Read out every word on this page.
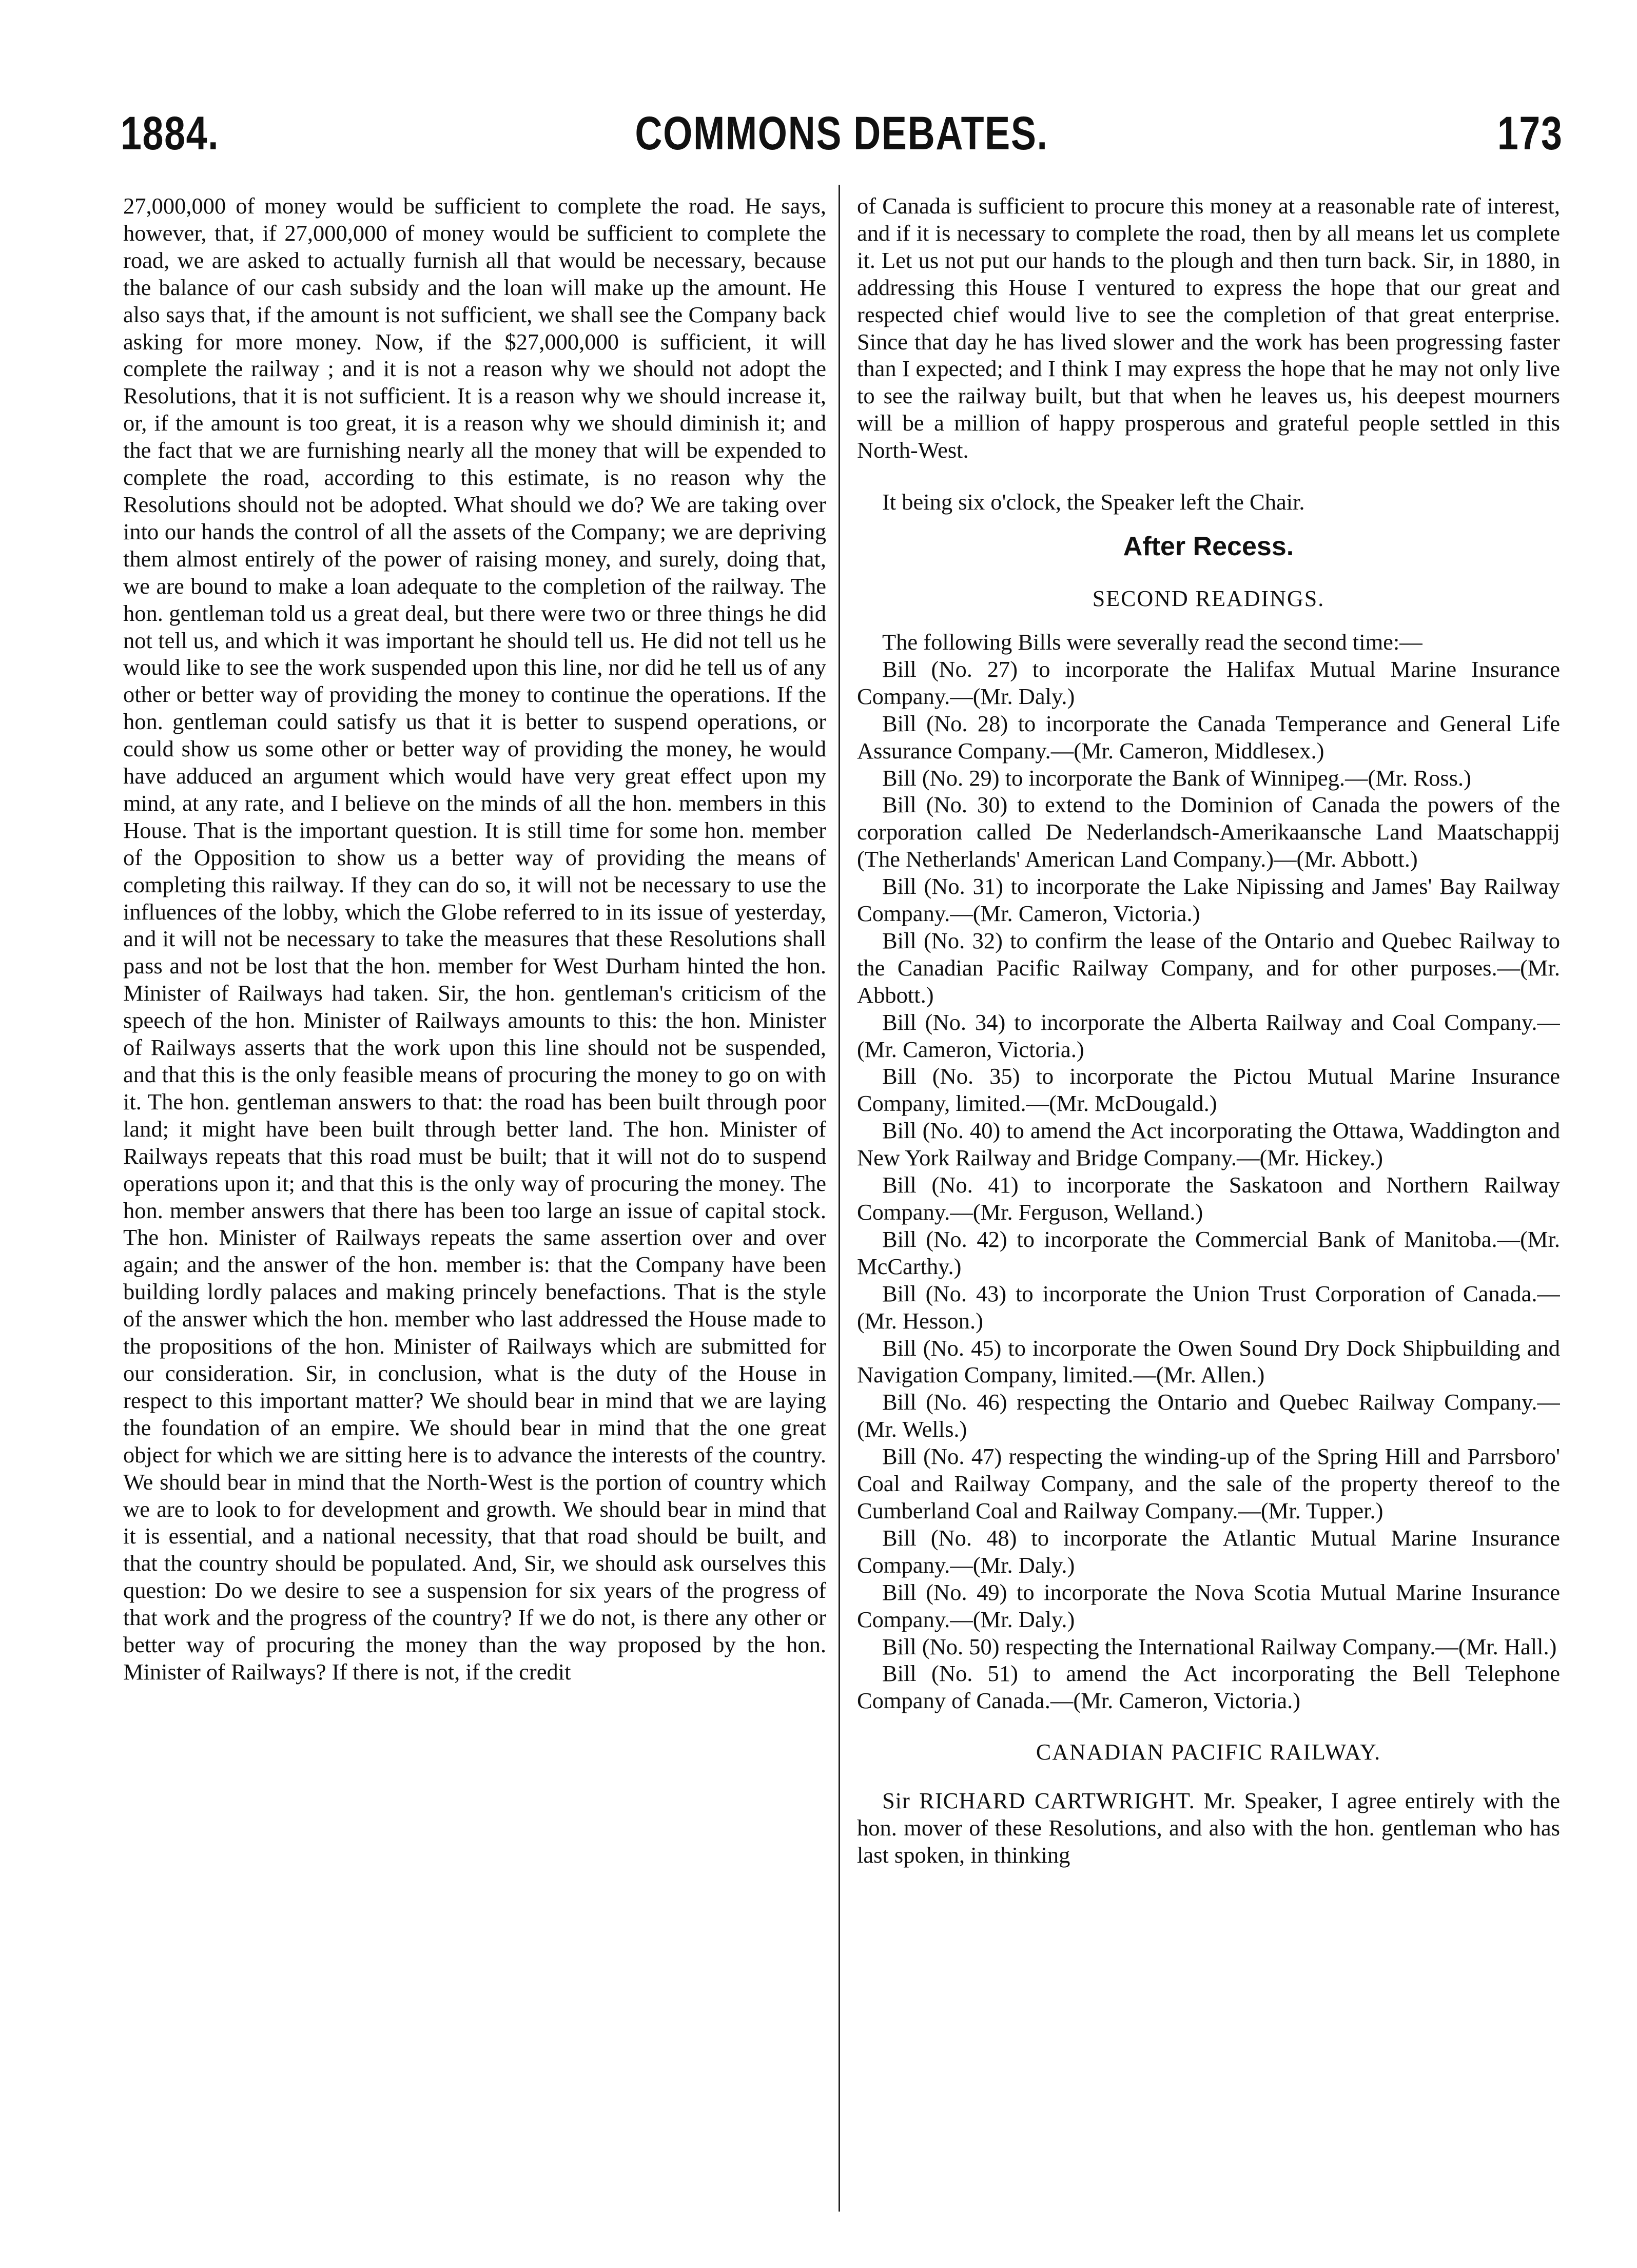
1884.	COMMONS DEBATES.	173

27,000,000 of money would be sufficient to complete the road. He says, however, that, if 27,000,000 of money would be sufficient to complete the road, we are asked to actually furnish all that would be necessary, because the balance of our cash subsidy and the loan will make up the amount. He also says that, if the amount is not sufficient, we shall see the Company back asking for more money. Now, if the $27,000,000 is sufficient, it will complete the railway ; and it is not a reason why we should not adopt the Resolutions, that it is not sufficient. It is a reason why we should increase it, or, if the amount is too great, it is a reason why we should diminish it; and the fact that we are furnishing nearly all the money that will be expended to complete the road, according to this estimate, is no reason why the Resolutions should not be adopted. What should we do? We are taking over into our hands the control of all the assets of the Company; we are depriving them almost entirely of the power of raising money, and surely, doing that, we are bound to make a loan adequate to the completion of the railway. The hon. gentleman told us a great deal, but there were two or three things he did not tell us, and which it was important he should tell us. He did not tell us he would like to see the work suspended upon this line, nor did he tell us of any other or better way of providing the money to continue the operations. If the hon. gentleman could satisfy us that it is better to suspend operations, or could show us some other or better way of providing the money, he would have adduced an argument which would have very great effect upon my mind, at any rate, and I believe on the minds of all the hon. members in this House. That is the important question. It is still time for some hon. member of the Opposition to show us a better way of providing the means of completing this railway. If they can do so, it will not be necessary to use the influences of the lobby, which the Globe referred to in its issue of yesterday, and it will not be necessary to take the measures that these Resolutions shall pass and not be lost that the hon. member for West Durham hinted the hon. Minister of Railways had taken. Sir, the hon. gentleman's criticism of the speech of the hon. Minister of Railways amounts to this: the hon. Minister of Railways asserts that the work upon this line should not be suspended, and that this is the only feasible means of procuring the money to go on with it. The hon. gentleman answers to that: the road has been built through poor land; it might have been built through better land. The hon. Minister of Railways repeats that this road must be built; that it will not do to suspend operations upon it; and that this is the only way of procuring the money. The hon. member answers that there has been too large an issue of capital stock. The hon. Minister of Railways repeats the same assertion over and over again; and the answer of the hon. member is: that the Company have been building lordly palaces and making princely benefactions. That is the style of the answer which the hon. member who last addressed the House made to the propositions of the hon. Minister of Railways which are submitted for our consideration. Sir, in conclusion, what is the duty of the House in respect to this important matter? We should bear in mind that we are laying the foundation of an empire. We should bear in mind that the one great object for which we are sitting here is to advance the interests of the country. We should bear in mind that the North-West is the portion of country which we are to look to for development and growth. We should bear in mind that it is essential, and a national necessity, that that road should be built, and that the country should be populated. And, Sir, we should ask ourselves this question: Do we desire to see a suspension for six years of the progress of that work and the progress of the country? If we do not, is there any other or better way of procuring the money than the way proposed by the hon. Minister of Railways? If there is not, if the credit

of Canada is sufficient to procure this money at a reasonable rate of interest, and if it is necessary to complete the road, then by all means let us complete it. Let us not put our hands to the plough and then turn back. Sir, in 1880, in addressing this House I ventured to express the hope that our great and respected chief would live to see the completion of that great enterprise. Since that day he has lived slower and the work has been progressing faster than I expected; and I think I may express the hope that he may not only live to see the railway built, but that when he leaves us, his deepest mourners will be a million of happy prosperous and grateful people settled in this North-West.

It being six o'clock, the Speaker left the Chair.

After Recess.
SECOND READINGS.

The following Bills were severally read the second time:—

Bill (No. 27) to incorporate the Halifax Mutual Marine Insurance Company.—(Mr. Daly.)

Bill (No. 28) to incorporate the Canada Temperance and General Life Assurance Company.—(Mr. Cameron, Middlesex.)

Bill (No. 29) to incorporate the Bank of Winnipeg.—(Mr. Ross.)

Bill (No. 30) to extend to the Dominion of Canada the powers of the corporation called De Nederlandsch-Amerikaansche Land Maatschappij (The Netherlands' American Land Company.)—(Mr. Abbott.)

Bill (No. 31) to incorporate the Lake Nipissing and James' Bay Railway Company.—(Mr. Cameron, Victoria.)

Bill (No. 32) to confirm the lease of the Ontario and Quebec Railway to the Canadian Pacific Railway Company, and for other purposes.—(Mr. Abbott.)

Bill (No. 34) to incorporate the Alberta Railway and Coal Company.—(Mr. Cameron, Victoria.)

Bill (No. 35) to incorporate the Pictou Mutual Marine Insurance Company, limited.—(Mr. McDougald.)

Bill (No. 40) to amend the Act incorporating the Ottawa, Waddington and New York Railway and Bridge Company.—(Mr. Hickey.)

Bill (No. 41) to incorporate the Saskatoon and Northern Railway Company.—(Mr. Ferguson, Welland.)

Bill (No. 42) to incorporate the Commercial Bank of Manitoba.—(Mr. McCarthy.)

Bill (No. 43) to incorporate the Union Trust Corporation of Canada.—(Mr. Hesson.)

Bill (No. 45) to incorporate the Owen Sound Dry Dock Shipbuilding and Navigation Company, limited.—(Mr. Allen.)

Bill (No. 46) respecting the Ontario and Quebec Railway Company.—(Mr. Wells.)

Bill (No. 47) respecting the winding-up of the Spring Hill and Parrsboro' Coal and Railway Company, and the sale of the property thereof to the Cumberland Coal and Railway Company.—(Mr. Tupper.)

Bill (No. 48) to incorporate the Atlantic Mutual Marine Insurance Company.—(Mr. Daly.)

Bill (No. 49) to incorporate the Nova Scotia Mutual Marine Insurance Company.—(Mr. Daly.)

Bill (No. 50) respecting the International Railway Company.—(Mr. Hall.)

Bill (No. 51) to amend the Act incorporating the Bell Telephone Company of Canada.—(Mr. Cameron, Victoria.)

CANADIAN PACIFIC RAILWAY.

Sir RICHARD CARTWRIGHT. Mr. Speaker, I agree entirely with the hon. mover of these Resolutions, and also with the hon. gentleman who has last spoken, in thinking
